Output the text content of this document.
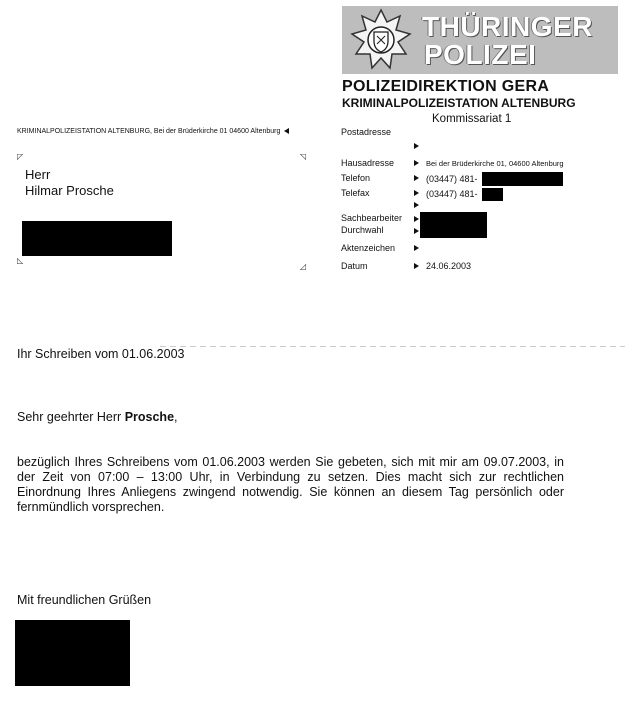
THÜRINGER
POLIZEI
POLIZEIDIREKTION GERA
KRIMINALPOLIZEISTATION ALTENBURG
Kommissariat 1
KRIMINALPOLIZEISTATION ALTENBURG, Bei der Brüderkirche 01 04600 Altenburg
◸	◹
◺
◿
Herr
Hilmar Prosche
Postadresse
Hausadresse	Bei der Brüderkirche 01, 04600 Altenburg
Telefon	(03447) 481-
Telefax	(03447) 481-
Sachbearbeiter
Durchwahl
Aktenzeichen
Datum	24.06.2003
Ihr Schreiben vom 01.06.2003
Sehr geehrter Herr Prosche,
bezüglich Ihres Schreibens vom 01.06.2003 werden Sie gebeten, sich mit mir am 09.07.2003, in der Zeit von 07:00 – 13:00 Uhr, in Verbindung zu setzen. Dies macht sich zur rechtlichen Einordnung Ihres Anliegens zwingend notwendig. Sie können an diesem Tag persönlich oder fernmündlich vorsprechen.
Mit freundlichen Grüßen
